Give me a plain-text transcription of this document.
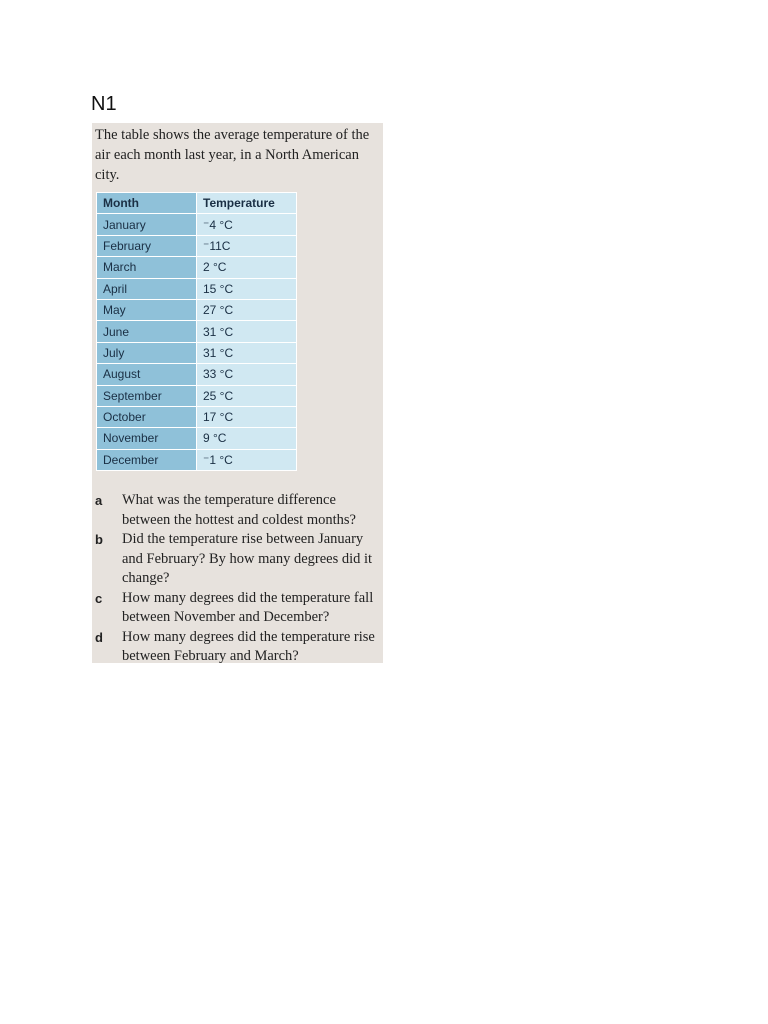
N1

The table shows the average temperature of the air each month last year, in a North American city.

Month	Temperature
January	⁻4 °C
February	⁻11C
March	2 °C
April	15 °C
May	27 °C
June	31 °C
July	31 °C
August	33 °C
September	25 °C
October	17 °C
November	9 °C
December	⁻1 °C
a	What was the temperature difference between the hottest and coldest months?
b	Did the temperature rise between January and February? By how many degrees did it change?
c	How many degrees did the temperature fall between November and December?
d	How many degrees did the temperature rise between February and March?
